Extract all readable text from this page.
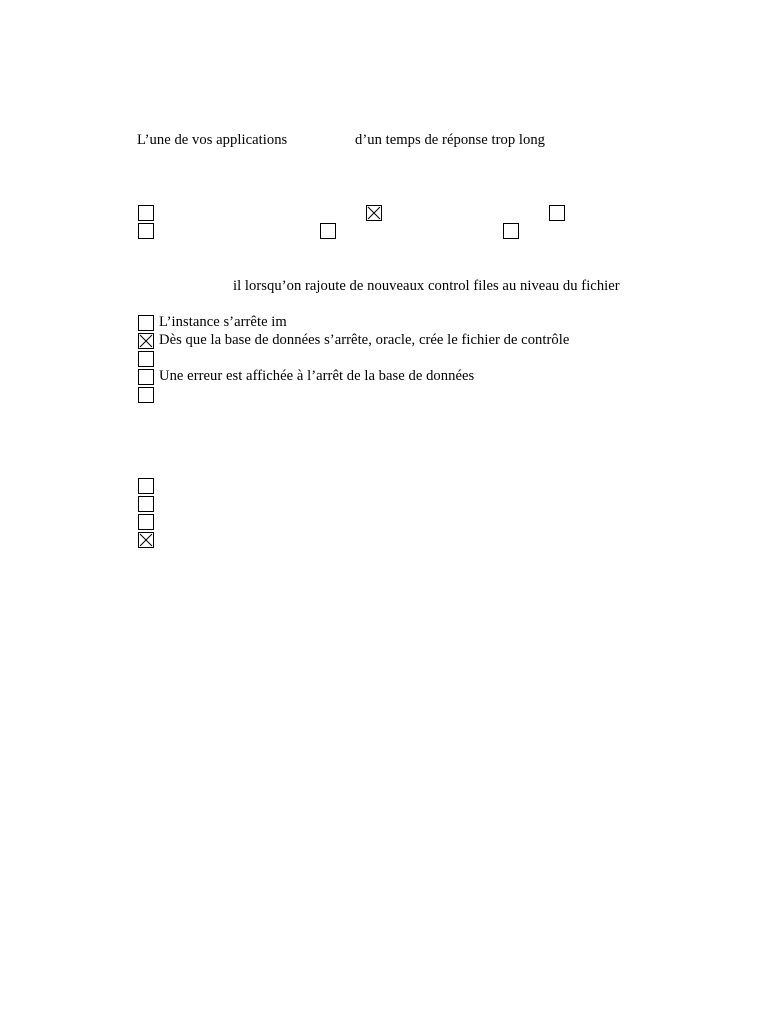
L’une de vos applications	d’un temps de réponse trop long
il lorsqu’on rajoute de nouveaux control files au niveau du fichier
L’instance s’arrête im
Dès que la base de données s’arrête, oracle, crée le fichier de contrôle
Une erreur est affichée à l’arrêt de la base de données
